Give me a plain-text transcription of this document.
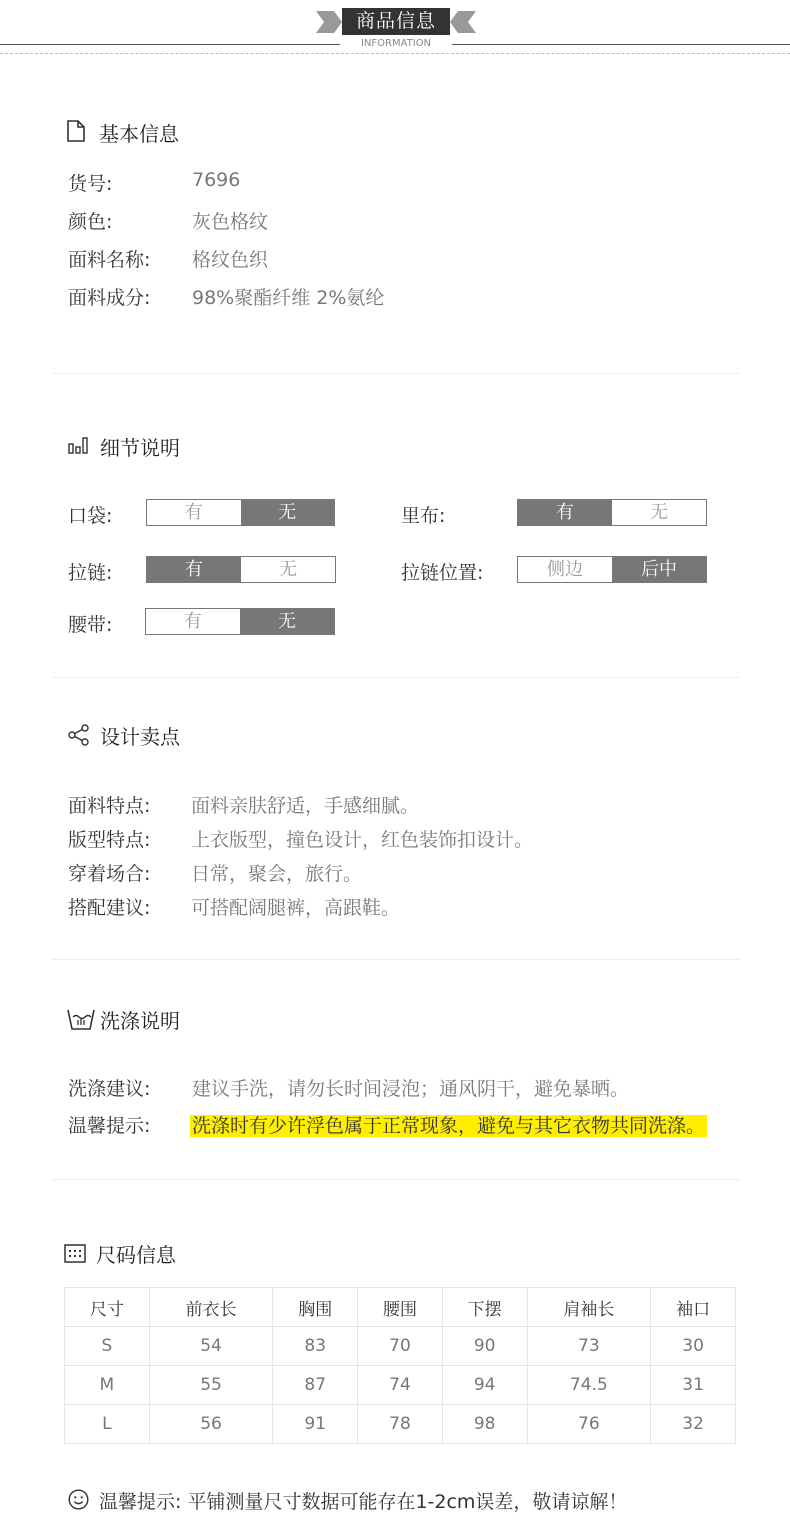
商品信息
INFORMATION
基本信息
货号:	7696
颜色:	灰色格纹
面料名称: 格纹色织
面料成分: 98%聚酯纤维 2%氨纶
细节说明
口袋:	有	无	里布:	有	无
拉链:	有	无	拉链位置:	侧边	后中
腰带:	有	无
设计卖点
面料特点: 面料亲肤舒适，手感细腻。
版型特点: 上衣版型，撞色设计，红色装饰扣设计。
穿着场合: 日常，聚会，旅行。
搭配建议: 可搭配阔腿裤，高跟鞋。
洗涤说明
洗涤建议: 建议手洗，请勿长时间浸泡；通风阴干，避免暴晒。
温馨提示: 洗涤时有少许浮色属于正常现象，避免与其它衣物共同洗涤。
尺码信息
尺寸	前衣长	胸围	腰围	下摆	肩袖长	袖口
S	54	83	70	90	73	30
M	55	87	74	94	74.5	31
L	56	91	78	98	76	32
温馨提示: 平铺测量尺寸数据可能存在1-2cm误差，敬请谅解！
